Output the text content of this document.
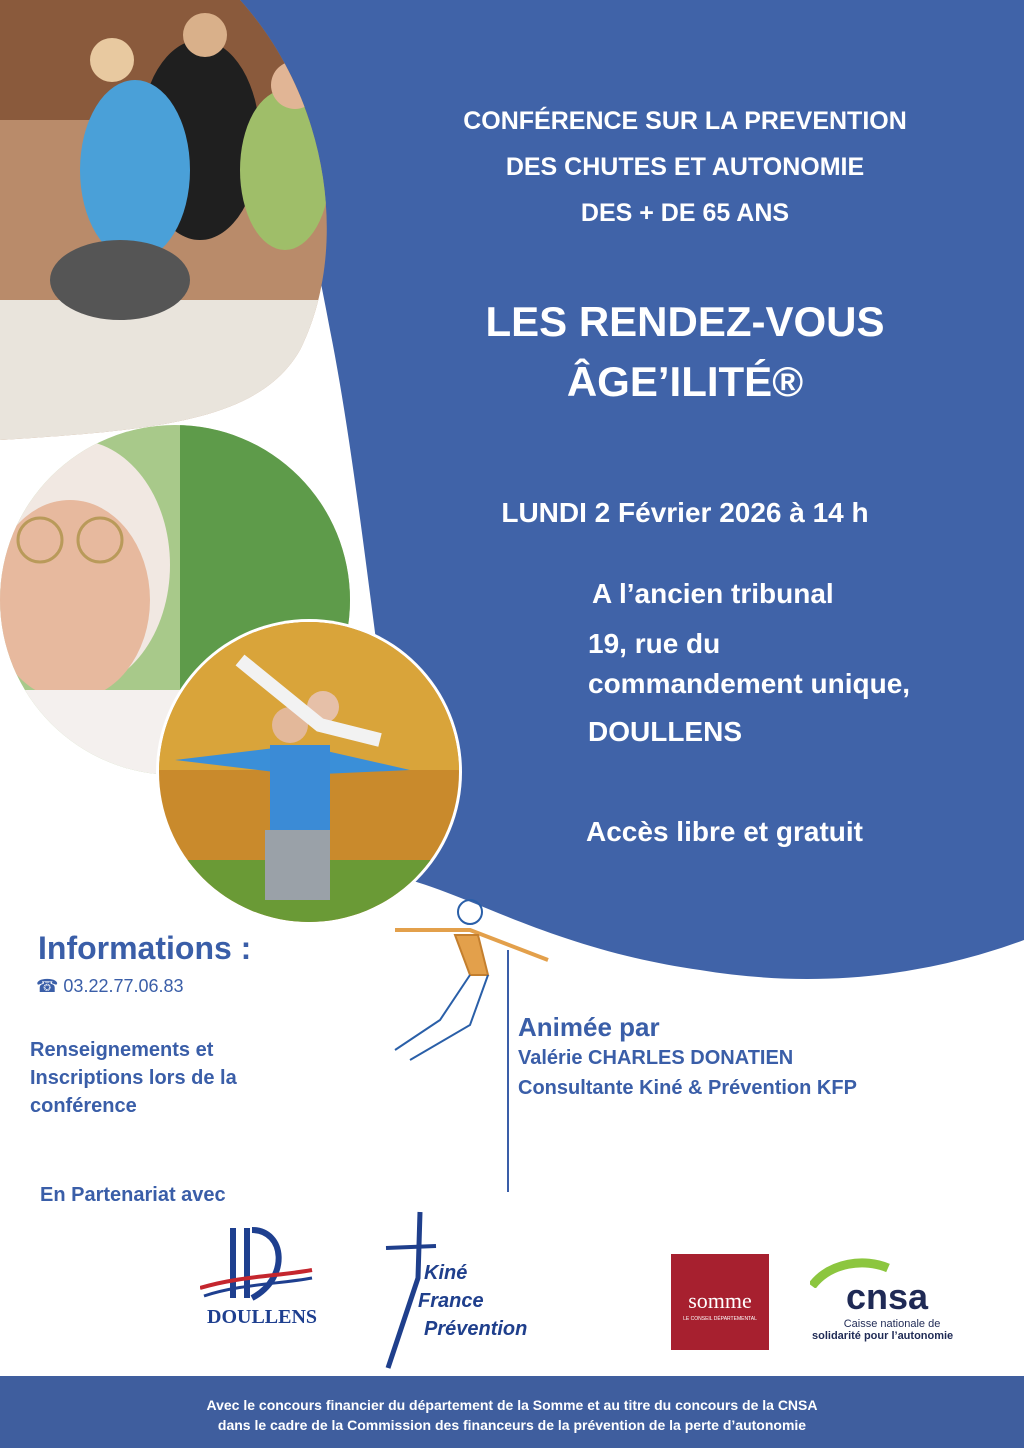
CONFÉRENCE SUR LA PREVENTION
DES CHUTES ET AUTONOMIE
DES + DE 65 ANS
LES RENDEZ-VOUS
ÂGE’ILITÉ®
LUNDI 2 Février 2026 à 14 h
A l’ancien tribunal
19, rue du
commandement unique,
DOULLENS
Accès libre et gratuit
Informations :
☎ 03.22.77.06.83
Renseignements et Inscriptions lors de la conférence
Animée par
Valérie CHARLES DONATIEN
Consultante Kiné & Prévention KFP
En Partenariat avec
DOULLENS
Kiné
France
Prévention
somme
LE CONSEIL DÉPARTEMENTAL
cnsa
Caisse nationale de
solidarité pour l’autonomie
Avec le concours financier du département de la Somme et au titre du concours de la CNSA
dans le cadre de la Commission des financeurs de la prévention de la perte d’autonomie
